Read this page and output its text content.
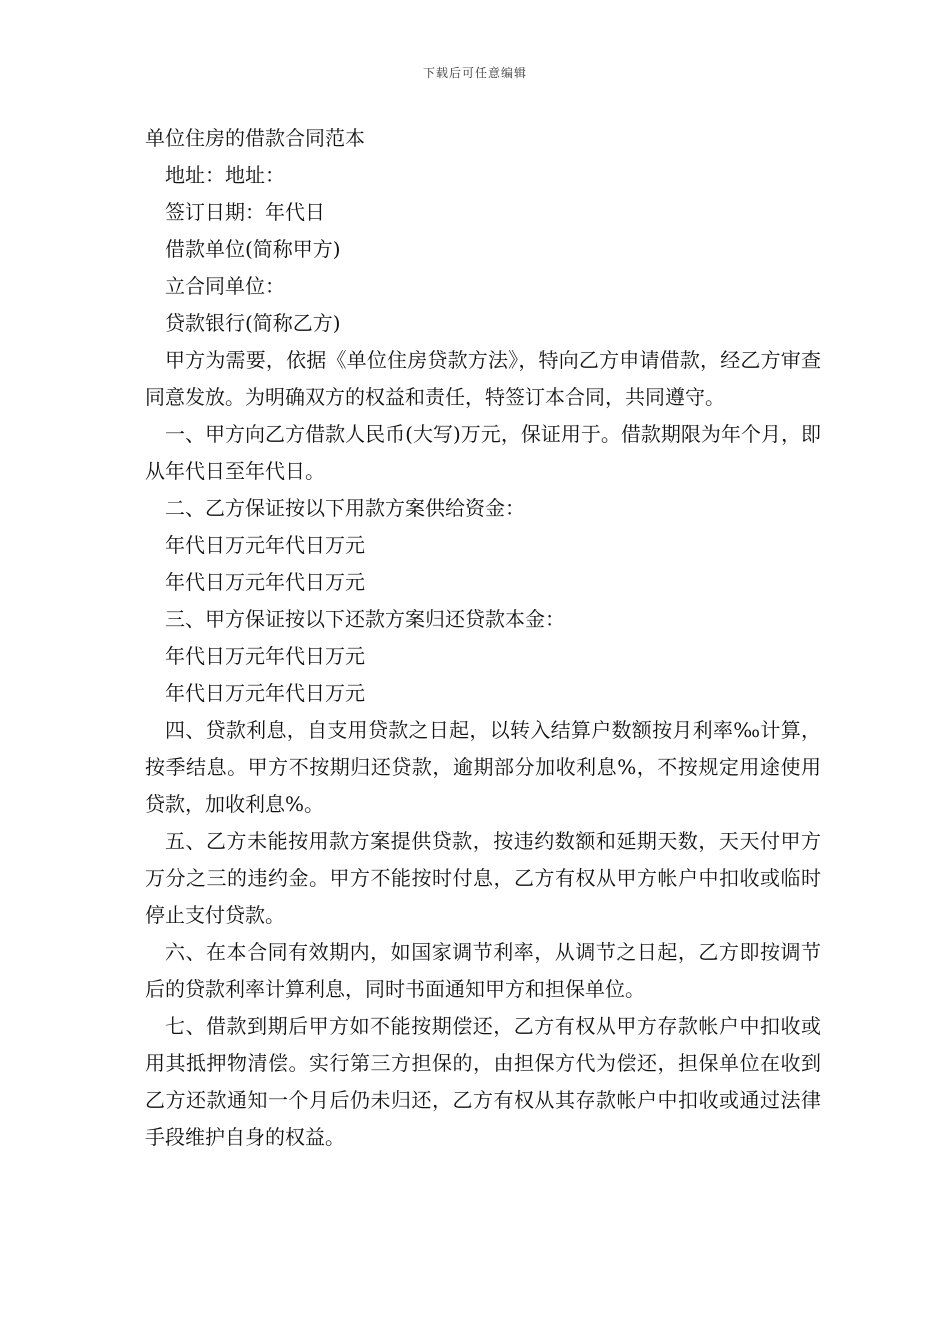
下载后可任意编辑

单位住房的借款合同范本

地址：地址：

签订日期：年代日

借款单位(简称甲方)

立合同单位：

贷款银行(简称乙方)

甲方为需要，依据《单位住房贷款方法》，特向乙方申请借款，经乙方审查同意发放。为明确双方的权益和责任，特签订本合同，共同遵守。

一、甲方向乙方借款人民币(大写)万元，保证用于。借款期限为年个月，即从年代日至年代日。

二、乙方保证按以下用款方案供给资金：

年代日万元年代日万元

年代日万元年代日万元

三、甲方保证按以下还款方案归还贷款本金：

年代日万元年代日万元

年代日万元年代日万元

四、贷款利息，自支用贷款之日起，以转入结算户数额按月利率‰计算，按季结息。甲方不按期归还贷款，逾期部分加收利息%，不按规定用途使用贷款，加收利息%。

五、乙方未能按用款方案提供贷款，按违约数额和延期天数，天天付甲方万分之三的违约金。甲方不能按时付息，乙方有权从甲方帐户中扣收或临时停止支付贷款。

六、在本合同有效期内，如国家调节利率，从调节之日起，乙方即按调节后的贷款利率计算利息，同时书面通知甲方和担保单位。

七、借款到期后甲方如不能按期偿还，乙方有权从甲方存款帐户中扣收或用其抵押物清偿。实行第三方担保的，由担保方代为偿还，担保单位在收到乙方还款通知一个月后仍未归还，乙方有权从其存款帐户中扣收或通过法律手段维护自身的权益。
